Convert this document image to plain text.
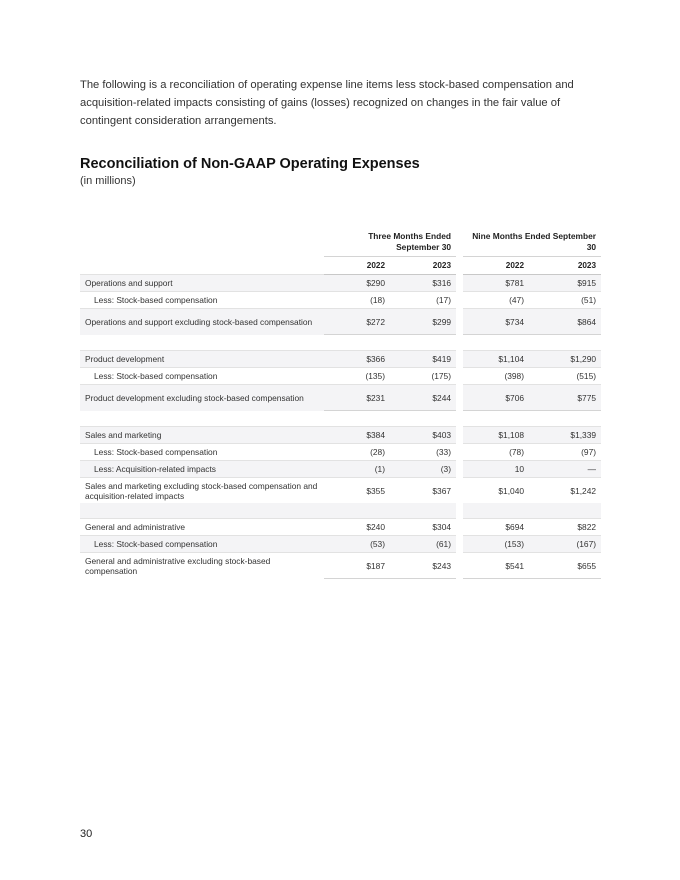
The following is a reconciliation of operating expense line items less stock-based compensation and acquisition-related impacts consisting of gains (losses) recognized on changes in the fair value of contingent consideration arrangements.

Reconciliation of Non-GAAP Operating Expenses

(in millions)

	Three Months Ended September 30			Nine Months Ended September 30	
	2022	2023		2022	2023
Operations and support	$290	$316		$781	$915
Less: Stock-based compensation	(18)	(17)		(47)	(51)
Operations and support excluding stock-based compensation	$272	$299		$734	$864

Product development	$366	$419		$1,104	$1,290
Less: Stock-based compensation	(135)	(175)		(398)	(515)
Product development excluding stock-based compensation	$231	$244		$706	$775

Sales and marketing	$384	$403		$1,108	$1,339
Less: Stock-based compensation	(28)	(33)		(78)	(97)
Less: Acquisition-related impacts	(1)	(3)		10	—
Sales and marketing excluding stock-based compensation and acquisition-related impacts	$355	$367		$1,040	$1,242

General and administrative	$240	$304		$694	$822
Less: Stock-based compensation	(53)	(61)		(153)	(167)
General and administrative excluding stock-based compensation	$187	$243		$541	$655

30
